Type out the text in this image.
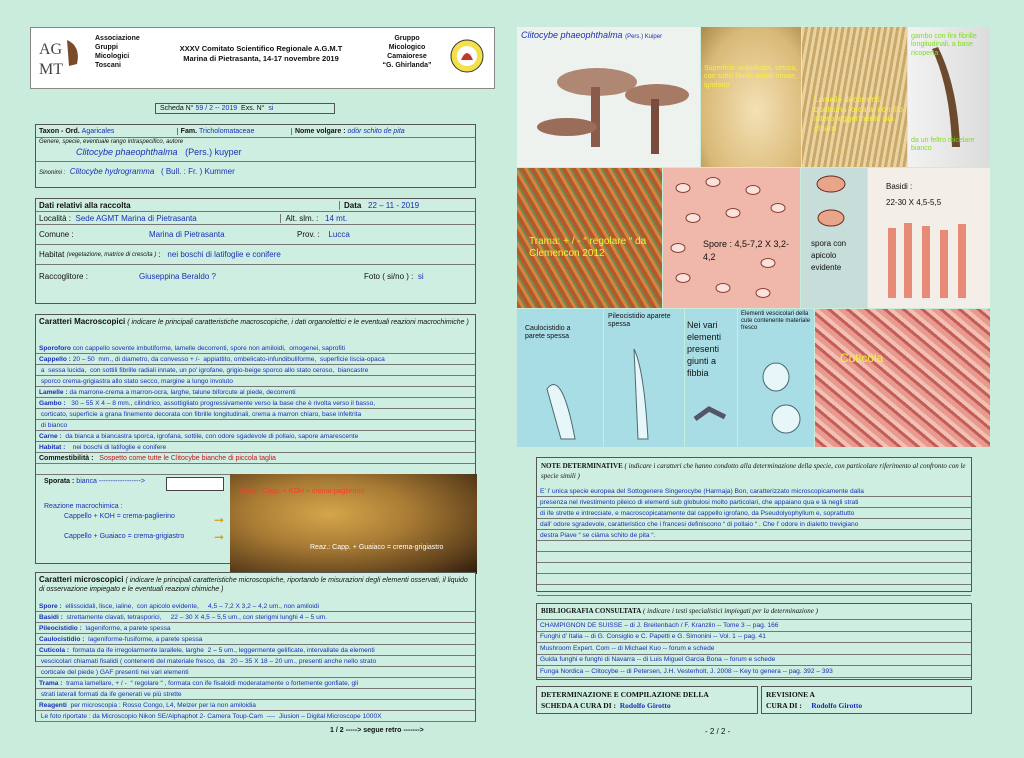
AG
MT
Associazione
Gruppi
Micologici
Toscani
XXXV Comitato Scientifico Regionale A.G.M.T
Marina di Pietrasanta, 14-17 novembre 2019
Gruppo
Micologico
Camaiorese
“G. Ghirlanda”
Scheda N°
59 / 2 -- 2019
Exs. N°
si
Taxon - Ord.
Agaricales	Fam.
Tricholomataceae	Nome volgare :
odòr schito de pita
Genere, specie, eventuale rango intraspecifico, autore
Clitocybe phaeophthalma (Pers.) kuyper
Sinonimi : Clitocybe hydrogramma ( Bull. : Fr. ) Kummer
Dati relativi alla raccolta	Data
22 – 11 - 2019
Località :
Sede AGMT Marina di Pietrasanta	Alt. slm. :
14 mt.
Comune :	Marina di Pietrasanta	Prov. :
Lucca
Habitat
(vegetazione, matrice di crescita ) : nei boschi di latifoglie e conifere
Raccoglitore :	Giuseppina Beraldo ?	Foto ( si/no ) :
si
Caratteri Macroscopici ( indicare le principali caratteristiche macroscopiche, i dati organolettici e le eventuali reazioni macrochimiche )
Sporoforo con cappello sovente imbutiforme, lamelle decorrenti, spore non amiloidi,  omogenei, saprofiti
Cappello : 20 – 50  mm., di diametro, da convesso + /-  appiattito, ombelicato-infundibuliforme,  superficie liscia-opaca
a  sessa lucida,  con sottili fibrille radiali innate, un po' igrofane, grigio-beige sporco allo stato ceroso,  biancastre
sporco crema-grigiastra allo stato secco, margine a lungo involuto
Lamelle : da marrone-crema a marron-ocra, larghe, talune biforcute al piede, decorrenti
Gambo : 30 – 55 X 4 – 8 mm., cilindrico, assottigliato progressivamente verso la base che è rivolta verso il basso,
corticato, superficie a grana finemente decorata con fibrille longitudinali, crema a marron chiaro, base infeltrita
di bianco
Carne : da bianca a biancastra sporca, igrofana, sottile, con odore sgadevole di pollaio, sapore amarescente
Habitat : nei boschi di latifoglie e conifere
Commestibilità :
Sospetto come tutte le Clitocybe bianche di piccola taglia
Sporata : bianca ------------------>
Reazione macrochimica :
Cappello + KOH = crema-paglierino
Cappello + Guaiaco = crema-grigiastro
➞
➞
Reaz.: Capp. + KOH = crema-paglierino
Reaz.: Capp. + Guaiaco = crema-grigiastro
Caratteri microscopici ( indicare le principali caratteristiche microscopiche, riportando le misurazioni degli elementi osservati, il liquido di osservazione impiegato e le eventuali reazioni chimiche )
Spore : ellissoidali, lisce, ialine,  con apicolo evidente,     4,5 – 7,2 X 3,2 – 4,2 um., non amiloidi
Basidi : strettamente clavati, tetrasporici,     22 – 30 X 4,5 – 5,5 um., con sterigmi lunghi 4 – 5 um.
Pileocistidio : lageniforme, a parete spessa
Caulocistidio : lageniforme-fusiforme, a parete spessa
Cuticola : formata da ife irregolarmente larallele, larghe  2 – 5 um., leggermente gelificate, intervallate da elementi
vescicolari chiamati fisalidi ( contenenti del materiale fresco, da   20 – 35 X 18 – 20 um., presenti anche nello strato
corticale del piede ) GAF presenti nei vari elementi
Trama : trama lamellare, + / -  “ regolare “ , formata con ife fisaloidi moderatamente o fortemente gonfiate, gli
strati laterali formati da ife generati ve più strette
Reagenti per microscopia : Rosso Congo, L4, Melzer per la non amiloidia
Le foto riportate : da Microscopio Nikon SE/Alphaphot 2- Camera Toup-Cam  ----  Jiusion – Digital Microscope 1000X
1 / 2 -----> segue retro ------->
Clitocybe phaeophthalma (Pers.) Kuiper
Superficie ombelicata, setosa, con sottili fibrille radiali innate, igrofano
Lamelle decorrenti, qualcuna forcata, con filo intero leggermente più chiaro
gambo con fini fibrille longitudinali, a base ricoperta
da un feltro micelare bianco
Trama: + / - “ regolare “ da Clemencon 2012
Spore : 4,5-7,2 X 3,2- 4,2
spora con apicolo evidente
Basidi :
22-30 X 4,5-5,5
Caulocistidio a parete spessa
Pileocistidio aparete spessa	Nei vari elementi presenti giunti a fibbia
Elementi vescicolari della cute contenente materiale fresco
Cuticola
NOTE DETERMINATIVE ( indicare i caratteri che hanno condotto alla determinazione della specie, con particolare riferimento al confronto con le specie simili )
E’ l’ unica specie europea del Sottogenere Singerocybe (Harmaja) Bon, caratterizzato microscopicamente dalla
presenza nel rivestimento pileico di elementi sub globulosi molto particolari, che appaiano qua e là negli strati
di ife strette e intrecciate, e macroscopicatamente dal cappello igrofano, da Pseudolyophyllum e, soprattutto
dall’ odore sgradevole, caratteristico che i francesi definiscono “ di pollaio “ . Che l’ odore in dialetto trevigiano
destra Piave “ se ciàma schito de pita “.
BIBLIOGRAFIA CONSULTATA ( indicare i testi specialistici impiegati per la determinazione )
CHAMPIGNON DE SUISSE – di J. Breitenbach / F. Kranzlin -- Tome 3 -- pag. 166
Funghi d’ Italia -- di G. Consiglio e C. Papetti e G. Simonini -- Vol. 1 -- pag. 41
Mushroom Expert. Com -- di Michael Kuo -- forum e schede
Guida funghi e funghi di Navarra -- di Luis Miguel Garcia Bona -- forum e schede
Funga Nordica -- Clitocybe -- di Petersen, J.H. Vesterholt, J. 2008 -- Key to genera -- pag. 392 – 393
DETERMINAZIONE E COMPILAZIONE DELLA
SCHEDA A CURA DI : Rodolfo Girotto
REVISIONE A
CURA DI : Rodolfo Girotto
- 2 / 2 -
